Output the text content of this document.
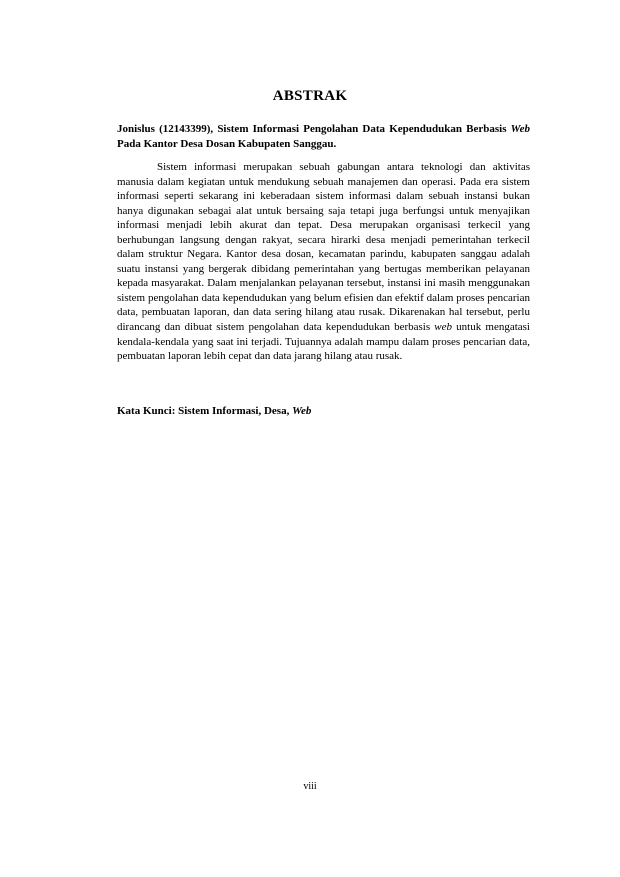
ABSTRAK
Jonislus (12143399), Sistem Informasi Pengolahan Data Kependudukan Berbasis Web Pada Kantor Desa Dosan Kabupaten Sanggau.
Sistem informasi merupakan sebuah gabungan antara teknologi dan aktivitas manusia dalam kegiatan untuk mendukung sebuah manajemen dan operasi. Pada era sistem informasi seperti sekarang ini keberadaan sistem informasi dalam sebuah instansi bukan hanya digunakan sebagai alat untuk bersaing saja tetapi juga berfungsi untuk menyajikan informasi menjadi lebih akurat dan tepat. Desa merupakan organisasi terkecil yang berhubungan langsung dengan rakyat, secara hirarki desa menjadi pemerintahan terkecil dalam struktur Negara. Kantor desa dosan, kecamatan parindu, kabupaten sanggau adalah suatu instansi yang bergerak dibidang pemerintahan yang bertugas memberikan pelayanan kepada masyarakat. Dalam menjalankan pelayanan tersebut, instansi ini masih menggunakan sistem pengolahan data kependudukan yang belum efisien dan efektif dalam proses pencarian data, pembuatan laporan, dan data sering hilang atau rusak. Dikarenakan hal tersebut, perlu dirancang dan dibuat sistem pengolahan data kependudukan berbasis web untuk mengatasi kendala-kendala yang saat ini terjadi. Tujuannya adalah mampu dalam proses pencarian data, pembuatan laporan lebih cepat dan data jarang hilang atau rusak.
Kata Kunci: Sistem Informasi, Desa, Web
viii
